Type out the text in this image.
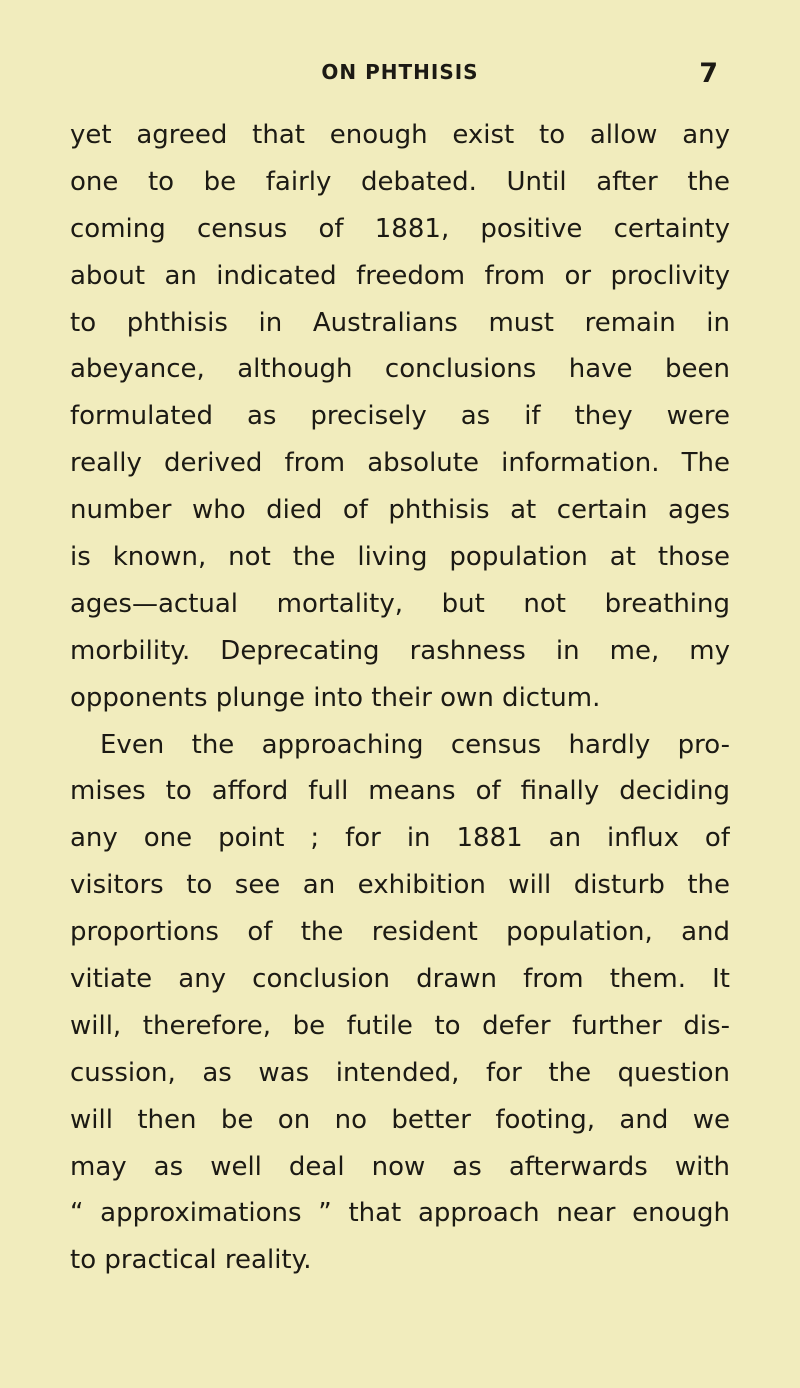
ON PHTHISIS	7
yet agreed that enough exist to allow any
one to be fairly debated. Until after the
coming census of 1881, positive certainty
about an indicated freedom from or proclivity
to phthisis in Australians must remain in
abeyance, although conclusions have been
formulated as precisely as if they were
really derived from absolute information. The
number who died of phthisis at certain ages
is known, not the living population at those
ages—actual mortality, but not breathing
morbility. Deprecating rashness in me, my
opponents plunge into their own dictum.
Even the approaching census hardly pro-
mises to afford full means of finally deciding
any one point ; for in 1881 an influx of
visitors to see an exhibition will disturb the
proportions of the resident population, and
vitiate any conclusion drawn from them. It
will, therefore, be futile to defer further dis-
cussion, as was intended, for the question
will then be on no better footing, and we
may as well deal now as afterwards with
“ approximations ” that approach near enough
to practical reality.
